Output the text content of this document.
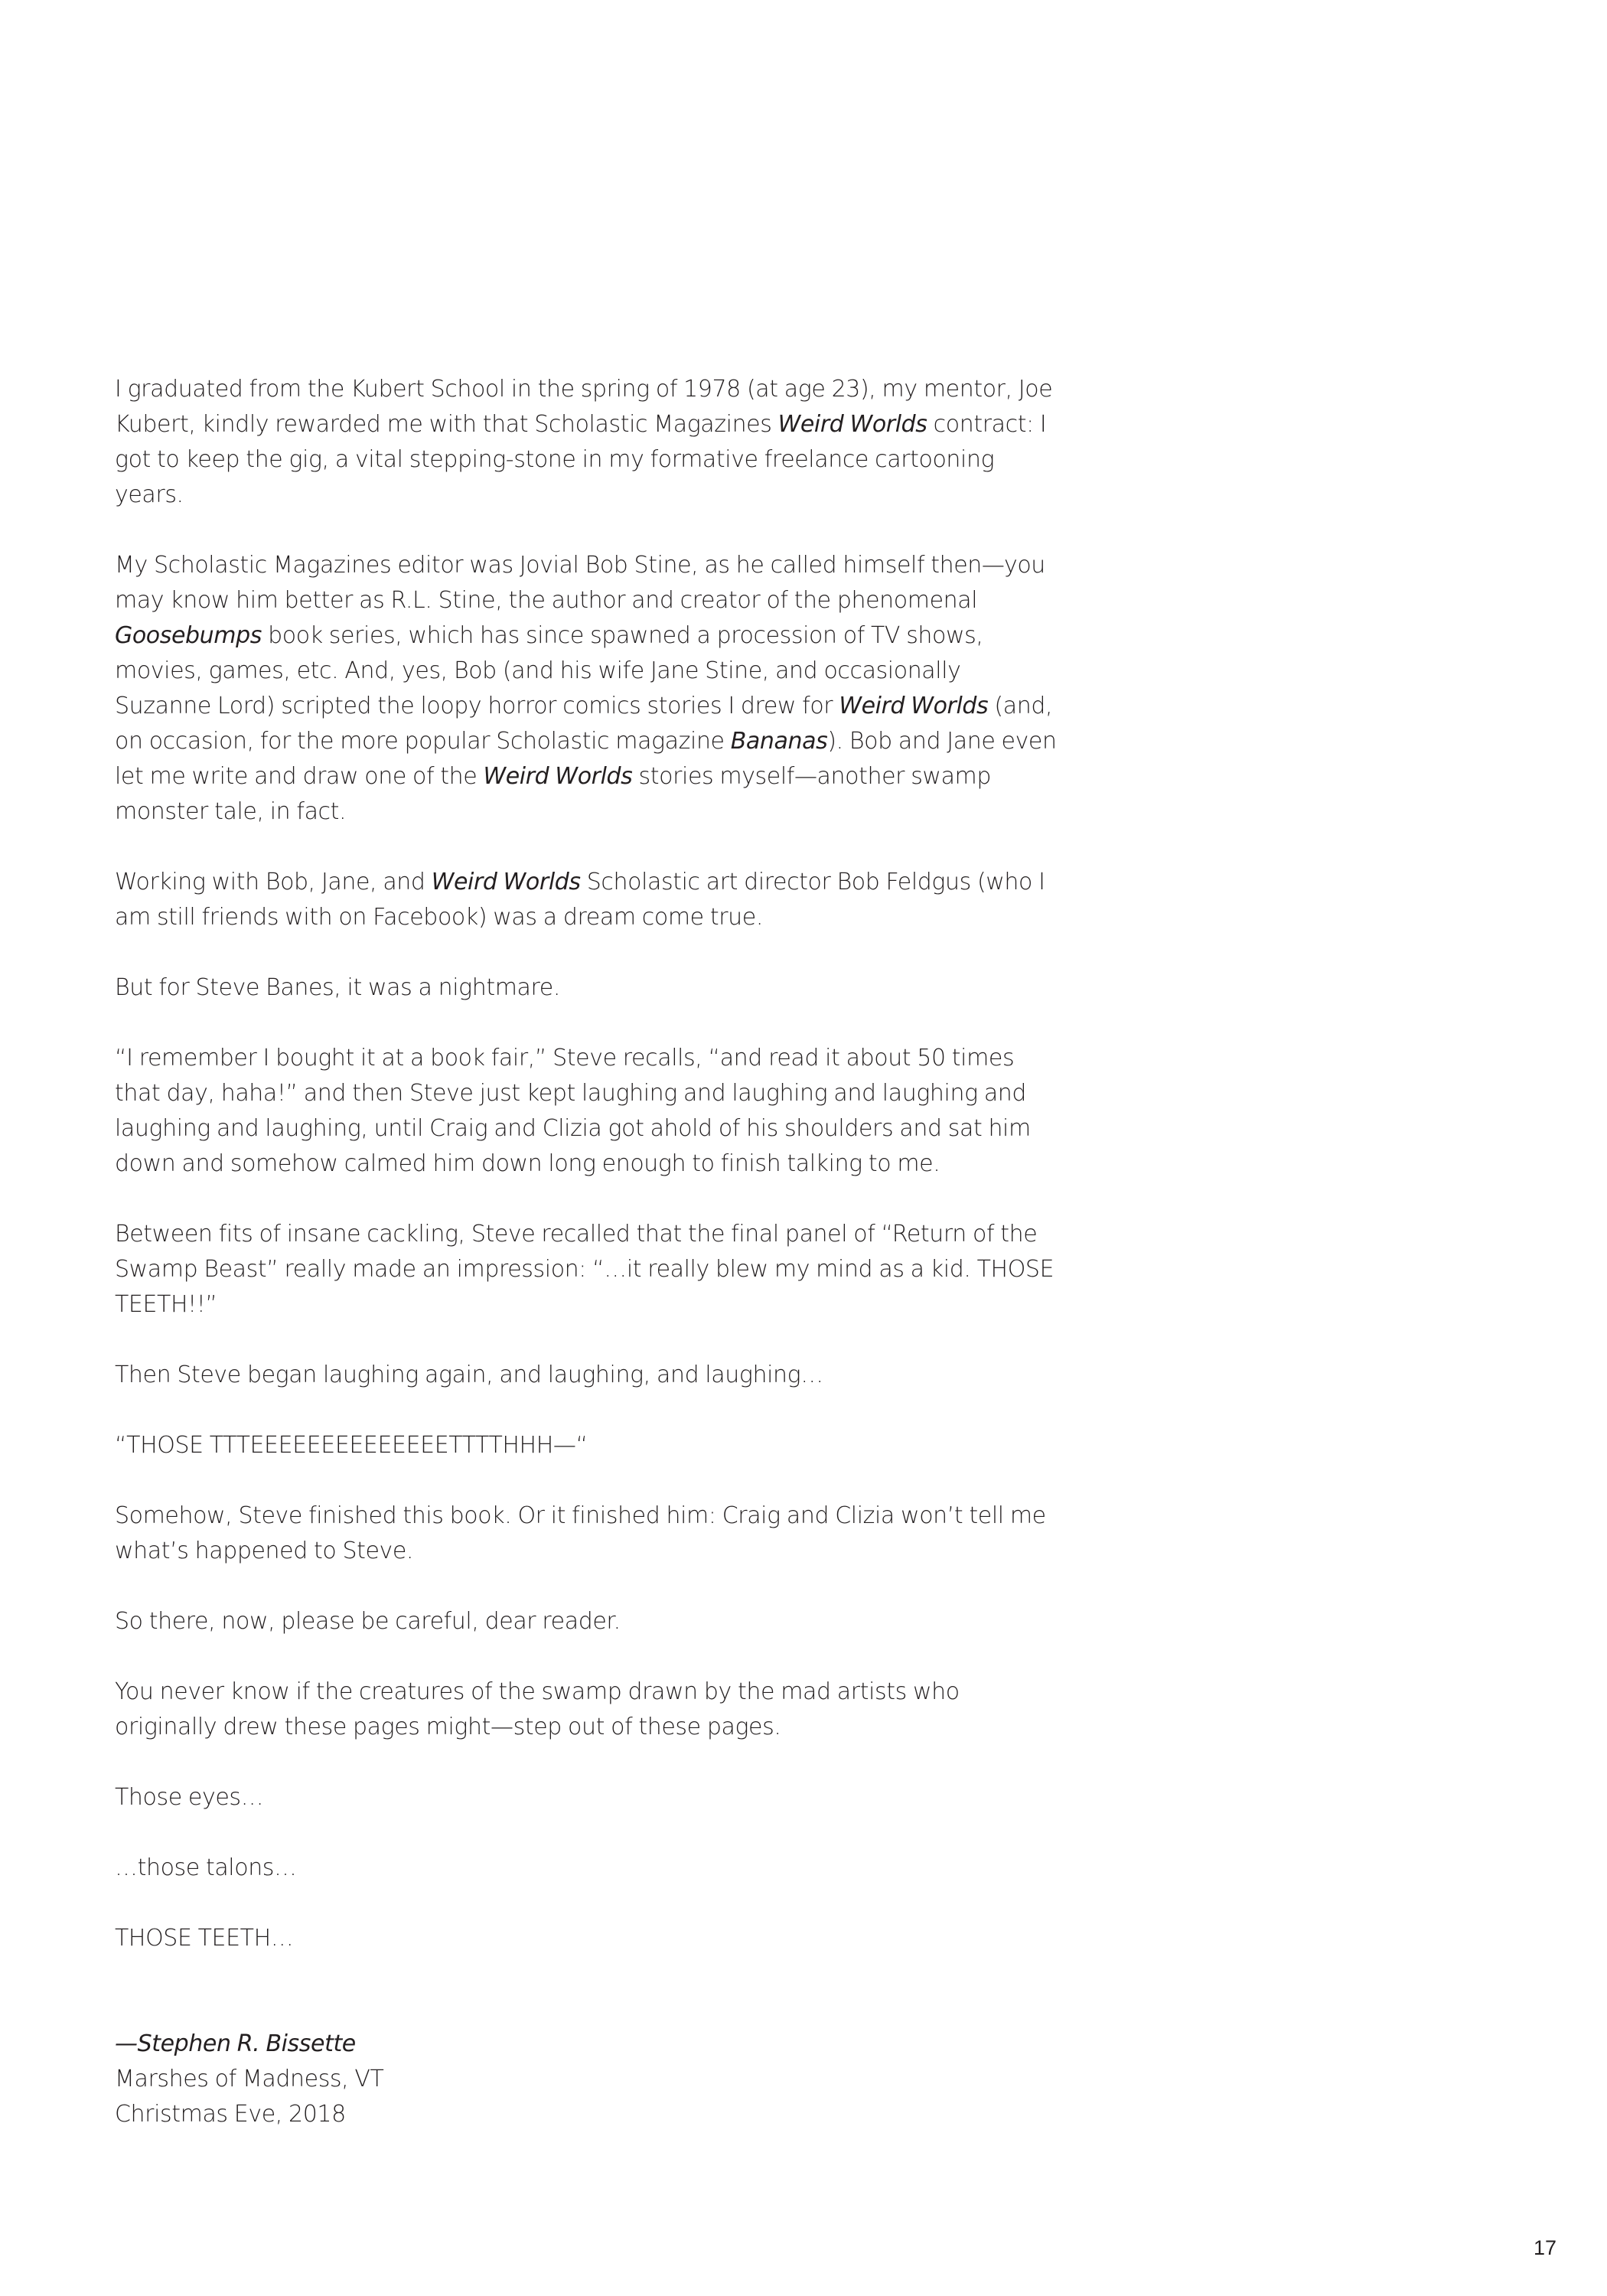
I graduated from the Kubert School in the spring of 1978 (at age 23), my mentor, Joe Kubert, kindly rewarded me with that Scholastic Magazines Weird Worlds contract: I got to keep the gig, a vital stepping-stone in my formative freelance cartooning years.

My Scholastic Magazines editor was Jovial Bob Stine, as he called himself then—you may know him better as R.L. Stine, the author and creator of the phenomenal Goosebumps book series, which has since spawned a procession of TV shows, movies, games, etc. And, yes, Bob (and his wife Jane Stine, and occasionally Suzanne Lord) scripted the loopy horror comics stories I drew for Weird Worlds (and, on occasion, for the more popular Scholastic magazine Bananas). Bob and Jane even let me write and draw one of the Weird Worlds stories myself—another swamp monster tale, in fact.

Working with Bob, Jane, and Weird Worlds Scholastic art director Bob Feldgus (who I am still friends with on Facebook) was a dream come true.

But for Steve Banes, it was a nightmare.

“I remember I bought it at a book fair,” Steve recalls, “and read it about 50 times that day, haha!” and then Steve just kept laughing and laughing and laughing and laughing and laughing, until Craig and Clizia got ahold of his shoulders and sat him down and somehow calmed him down long enough to finish talking to me.

Between fits of insane cackling, Steve recalled that the final panel of “Return of the Swamp Beast” really made an impression: “…it really blew my mind as a kid. THOSE TEETH!!”

Then Steve began laughing again, and laughing, and laughing…

“THOSE TTTEEEEEEEEEEEEEETTTTHHH—“

Somehow, Steve finished this book. Or it finished him: Craig and Clizia won’t tell me what’s happened to Steve.

So there, now, please be careful, dear reader.

You never know if the creatures of the swamp drawn by the mad artists who originally drew these pages might—step out of these pages.

Those eyes…

…those talons…

THOSE TEETH…

—Stephen R. Bissette

Marshes of Madness, VT

Christmas Eve, 2018

17
